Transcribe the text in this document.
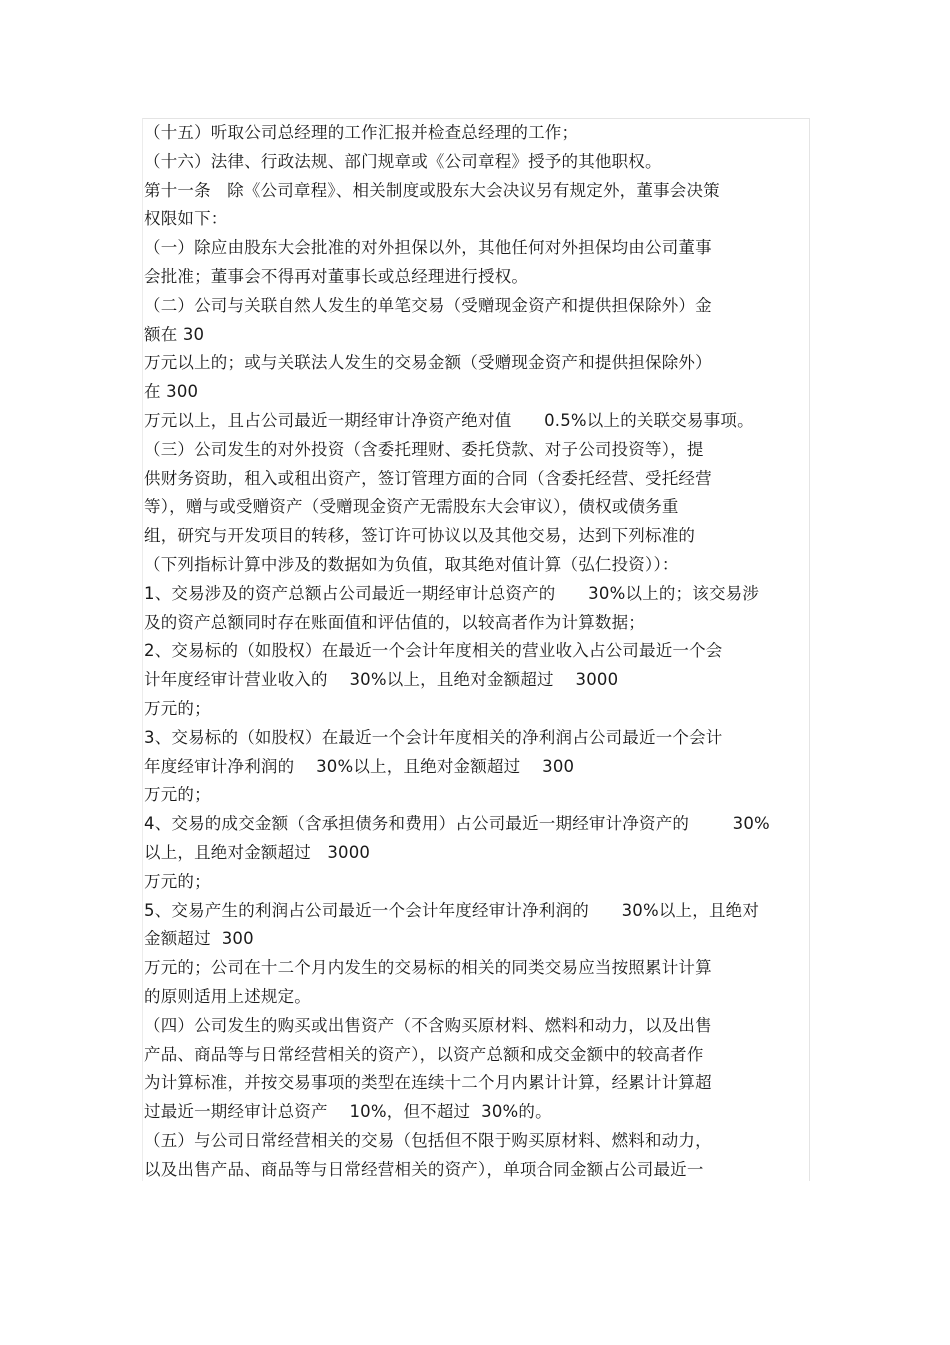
（十五）听取公司总经理的工作汇报并检查总经理的工作；
（十六）法律、行政法规、部门规章或《公司章程》授予的其他职权。
第十一条   除《公司章程》、相关制度或股东大会决议另有规定外，董事会决策
权限如下：
（一）除应由股东大会批准的对外担保以外，其他任何对外担保均由公司董事
会批准；董事会不得再对董事长或总经理进行授权。
（二）公司与关联自然人发生的单笔交易（受赠现金资产和提供担保除外）金
额在 30
万元以上的；或与关联法人发生的交易金额（受赠现金资产和提供担保除外）
在 300
万元以上，且占公司最近一期经审计净资产绝对值      0.5%以上的关联交易事项。
（三）公司发生的对外投资（含委托理财、委托贷款、对子公司投资等），提
供财务资助，租入或租出资产，签订管理方面的合同（含委托经营、受托经营
等），赠与或受赠资产（受赠现金资产无需股东大会审议），债权或债务重
组，研究与开发项目的转移，签订许可协议以及其他交易，达到下列标准的
（下列指标计算中涉及的数据如为负值，取其绝对值计算（弘仁投资））：
1、交易涉及的资产总额占公司最近一期经审计总资产的      30%以上的；该交易涉
及的资产总额同时存在账面值和评估值的，以较高者作为计算数据；
2、交易标的（如股权）在最近一个会计年度相关的营业收入占公司最近一个会
计年度经审计营业收入的    30%以上，且绝对金额超过    3000
万元的；
3、交易标的（如股权）在最近一个会计年度相关的净利润占公司最近一个会计
年度经审计净利润的    30%以上，且绝对金额超过    300
万元的；
4、交易的成交金额（含承担债务和费用）占公司最近一期经审计净资产的        30%
以上，且绝对金额超过   3000
万元的；
5、交易产生的利润占公司最近一个会计年度经审计净利润的      30%以上，且绝对
金额超过  300
万元的；公司在十二个月内发生的交易标的相关的同类交易应当按照累计计算
的原则适用上述规定。
（四）公司发生的购买或出售资产（不含购买原材料、燃料和动力，以及出售
产品、商品等与日常经营相关的资产），以资产总额和成交金额中的较高者作
为计算标准，并按交易事项的类型在连续十二个月内累计计算，经累计计算超
过最近一期经审计总资产    10%，但不超过  30%的。
（五）与公司日常经营相关的交易（包括但不限于购买原材料、燃料和动力，
以及出售产品、商品等与日常经营相关的资产），单项合同金额占公司最近一
